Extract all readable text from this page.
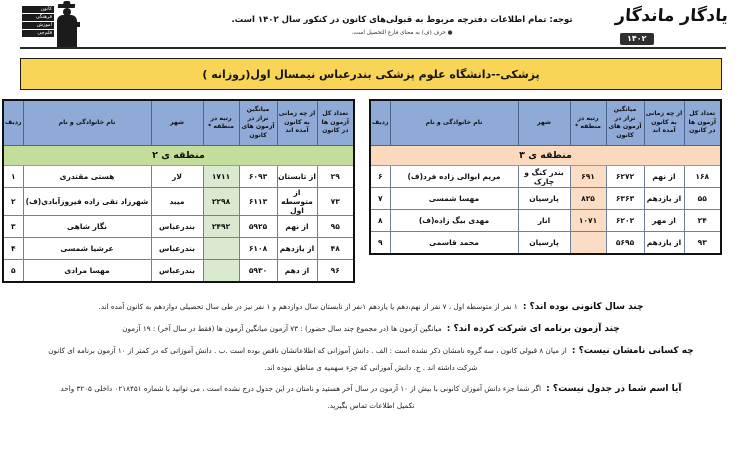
کانون
فرهنگی
آموزش
قلم‌چی
توجه: تمام اطلاعات دفترچه مربوط به قبولی‌های کانون در کنکور سال ۱۴۰۲ است.
● حرف (ف) به معنای فارغ التحصیل است.
یادگار ماندگار
۱۴۰۲
پزشکی--دانشگاه علوم پزشکی بندرعباس نیمسال اول(روزانه )
تعداد کل آزمون ها در کانون	از چه زمانی به کانون آمده اند	میانگین تراز در آزمون های کانون	رتبه در منطقه *	شهر	نام خانوادگی و نام	ردیف
منطقه ی ۳						
۱۶۸	از نهم	۶۲۷۲	۶۹۱	بندر کنگ و چارک	مریم ابوالی زاده فرد(ف)	۶
۵۵	از یازدهم	۶۳۶۳	۸۲۵	پارسیان	مهسا شمسی	۷
۲۴	از مهر	۶۲۰۲	۱۰۷۱	انار	مهدی بیگ زاده(ف)	۸
۹۳	از یازدهم	۵۶۹۵		پارسیان	محمد قاسمی	۹
تعداد کل آزمون ها در کانون	از چه زمانی به کانون آمده اند	میانگین تراز در آزمون های کانون	رتبه در منطقه *	شهر	نام خانوادگی و نام	ردیف
منطقه ی ۲						
۲۹	از تابستان	۶۰۹۳	۱۷۱۱	لار	هستی مقتدری	۱
۷۳	از متوسطه اول	۶۱۱۳	۲۲۹۸	میبد	شهرزاد تقی زاده فیروزآبادی(ف)	۲
۹۵	از نهم	۵۹۲۵	۲۴۹۲	بندرعباس	نگار شاهی	۳
۴۸	از یازدهم	۶۱۰۸		بندرعباس	عرشیا شمسی	۴
۹۶	از دهم	۵۹۳۰		بندرعباس	مهسا مرادی	۵
چند سال کانونی بوده اند؟ : ۱ نفر از متوسطه اول ، ۷ نفر از نهم،دهم یا یازدهم ۱نفر از تابستان سال دوازدهم و ۱ نفر نیز در طی سال تحصیلی دوازدهم به کانون آمده اند.
چند آزمون برنامه ای شرکت کرده اند؟ : میانگین آزمون ها (در مجموع چند سال حضور) : ۷۳ آزمون میانگین آزمون ها (فقط در سال آخر) : ۱۹ آزمون
چه کسانی نامشان نیست؟ : از میان ۸ قبولی کانون ، سه گروه نامشان ذکر نشده است : الف . دانش آموزانی که اطلاعاتشان ناقص بوده است .ب . دانش آموزانی که در کمتر از ۱۰ آزمون برنامه ای کانون
شرکت داشته اند . ج. دانش آموزانی که جزء سهمیه ی مناطق نبوده اند.
آیا اسم شما در جدول نیست؟ : اگر شما جزء دانش آموزان کانونی با بیش از ۱۰ آزمون در سال آخر هستید و نامتان در این جدول درج نشده است ، می توانید با شماره ۰۲۱۸۴۵۱ داخلی ۳۲۰۵ واحد
تکمیل اطلاعات تماس بگیرید.
